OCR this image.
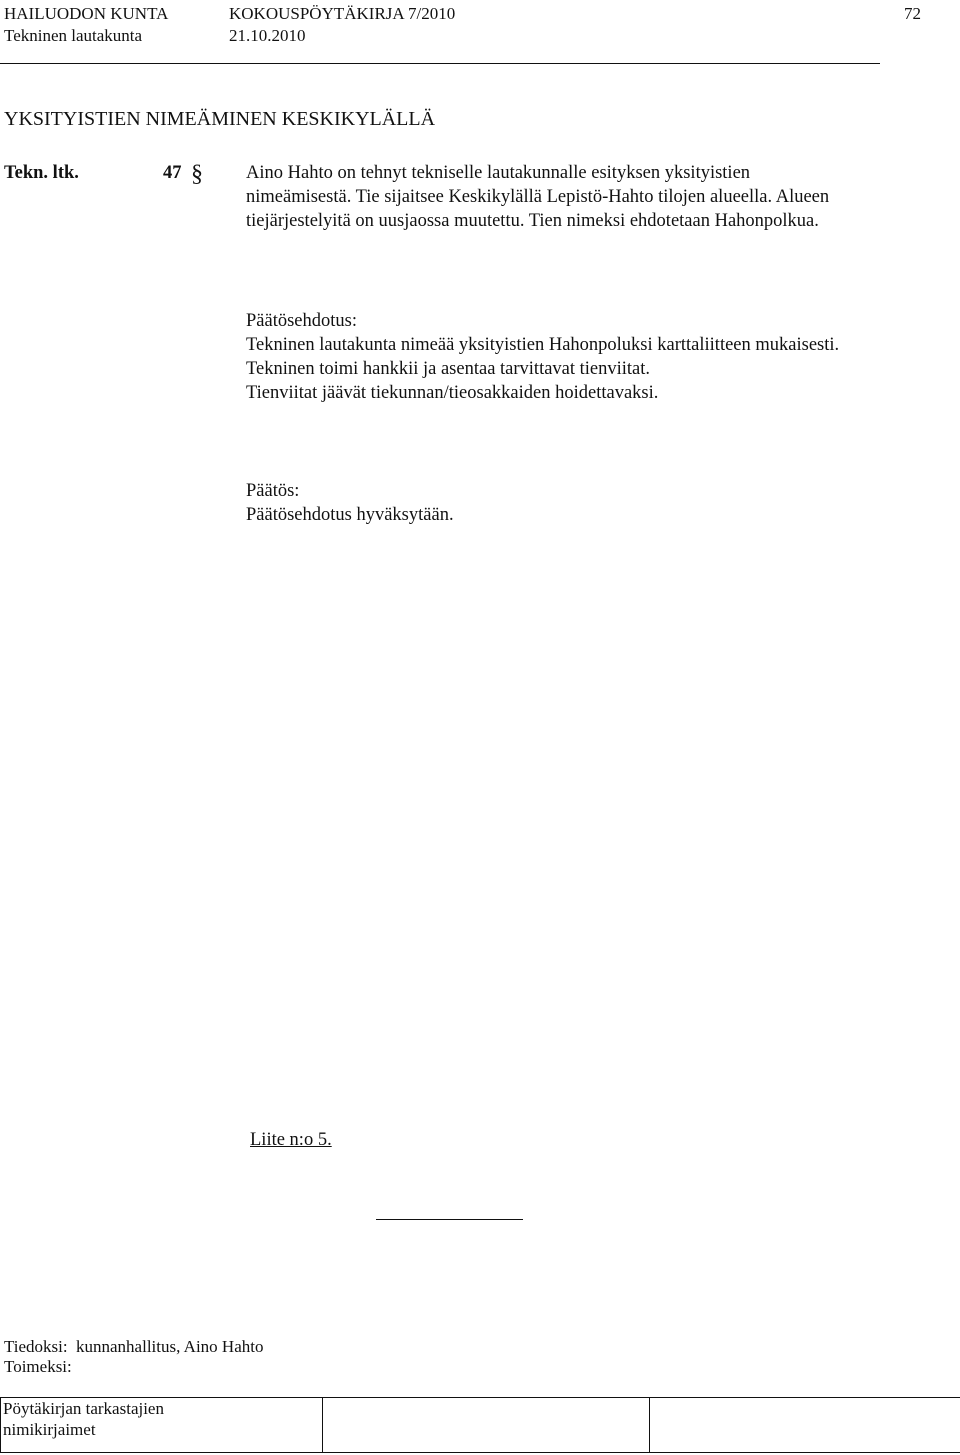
HAILUODON KUNTA	KOKOUSPÖYTÄKIRJA 7/2010	72
Tekninen lautakunta	21.10.2010
YKSITYISTIEN NIMEÄMINEN KESKIKYLÄLLÄ
Tekn. ltk.	47 § Aino Hahto on tehnyt tekniselle lautakunnalle esityksen yksityistien
nimeämisestä. Tie sijaitsee Keskikylällä Lepistö-Hahto tilojen alueella. Alueen
tiejärjestelyitä on uusjaossa muutettu. Tien nimeksi ehdotetaan Hahonpolkua.
Päätösehdotus:
Tekninen lautakunta nimeää yksityistien Hahonpoluksi karttaliitteen mukaisesti.
Tekninen toimi hankkii ja asentaa tarvittavat tienviitat.
Tienviitat jäävät tiekunnan/tieosakkaiden hoidettavaksi.
Päätös:
Päätösehdotus hyväksytään.
Liite n:o 5.
Tiedoksi: kunnanhallitus, Aino Hahto
Toimeksi:
Pöytäkirjan tarkastajien
nimikirjaimet
